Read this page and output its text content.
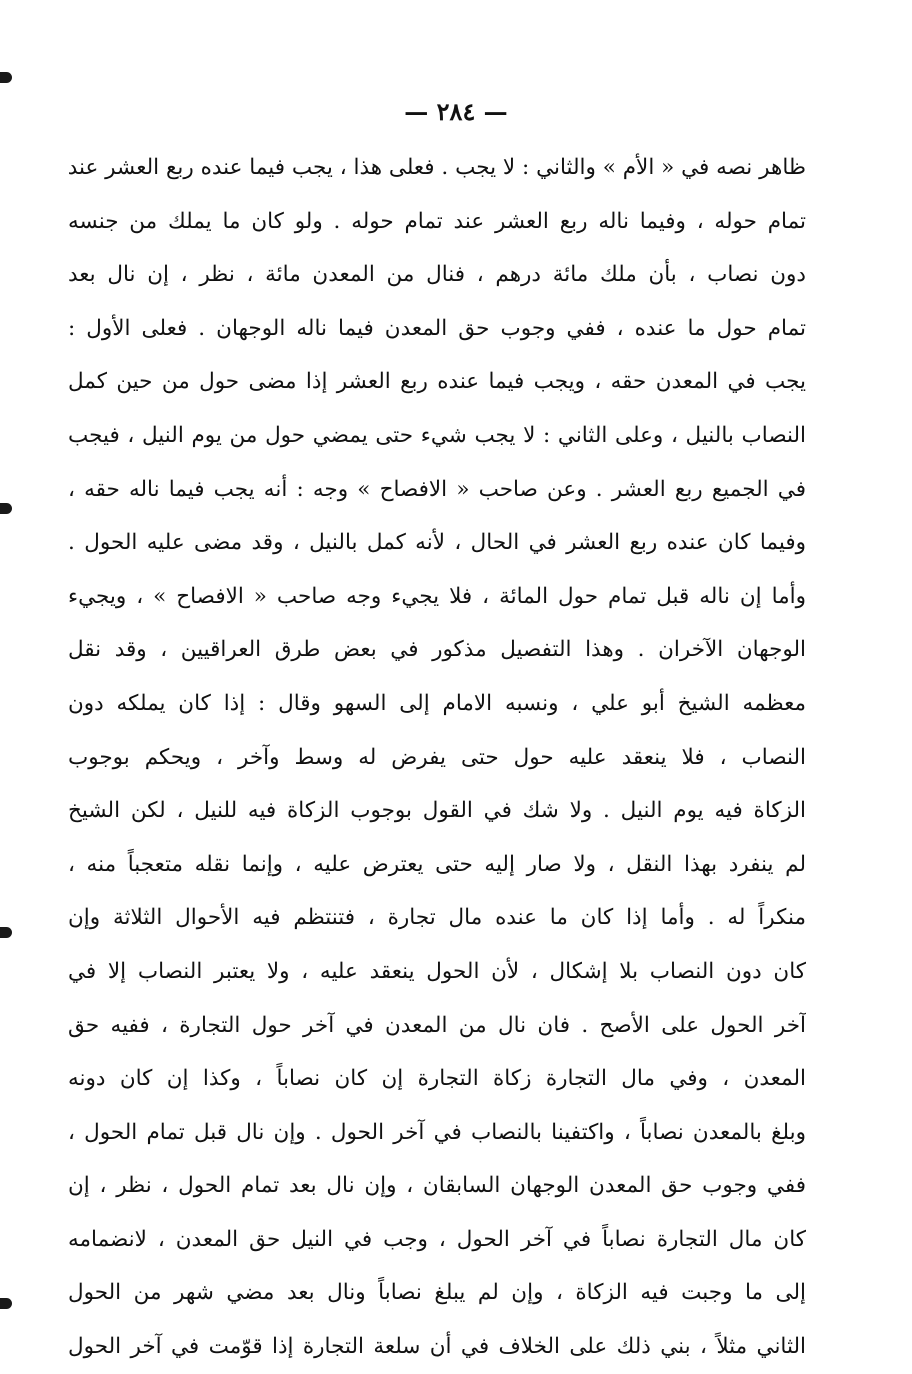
— ٢٨٤ —
ظاهر نصه في « الأم » والثاني : لا يجب . فعلى هذا ، يجب فيما عنده ربع العشر عند
تمام حوله ، وفيما ناله ربع العشر عند تمام حوله . ولو كان ما يملك من جنسه
دون نصاب ، بأن ملك مائة درهم ، فنال من المعدن مائة ، نظر ، إن نال بعد
تمام حول ما عنده ، ففي وجوب حق المعدن فيما ناله الوجهان . فعلى الأول :
يجب في المعدن حقه ، ويجب فيما عنده ربع العشر إذا مضى حول من حين كمل
النصاب بالنيل ، وعلى الثاني : لا يجب شيء حتى يمضي حول من يوم النيل ، فيجب
في الجميع ربع العشر . وعن صاحب « الافصاح » وجه : أنه يجب فيما ناله حقه ،
وفيما كان عنده ربع العشر في الحال ، لأنه كمل بالنيل ، وقد مضى عليه الحول .
وأما إن ناله قبل تمام حول المائة ، فلا يجيء وجه صاحب « الافصاح » ، ويجيء
الوجهان الآخران . وهذا التفصيل مذكور في بعض طرق العراقيين ، وقد نقل
معظمه الشيخ أبو علي ، ونسبه الامام إلى السهو وقال : إذا كان يملكه دون
النصاب ، فلا ينعقد عليه حول حتى يفرض له وسط وآخر ، ويحكم بوجوب
الزكاة فيه يوم النيل . ولا شك في القول بوجوب الزكاة فيه للنيل ، لكن الشيخ
لم ينفرد بهذا النقل ، ولا صار إليه حتى يعترض عليه ، وإنما نقله متعجباً منه ،
منكراً له . وأما إذا كان ما عنده مال تجارة ، فتنتظم فيه الأحوال الثلاثة وإن
كان دون النصاب بلا إشكال ، لأن الحول ينعقد عليه ، ولا يعتبر النصاب إلا في
آخر الحول على الأصح . فان نال من المعدن في آخر حول التجارة ، ففيه حق
المعدن ، وفي مال التجارة زكاة التجارة إن كان نصاباً ، وكذا إن كان دونه
وبلغ بالمعدن نصاباً ، واكتفينا بالنصاب في آخر الحول . وإن نال قبل تمام الحول ،
ففي وجوب حق المعدن الوجهان السابقان ، وإن نال بعد تمام الحول ، نظر ، إن
كان مال التجارة نصاباً في آخر الحول ، وجب في النيل حق المعدن ، لانضمامه
إلى ما وجبت فيه الزكاة ، وإن لم يبلغ نصاباً ونال بعد مضي شهر من الحول
الثاني مثلاً ، بني ذلك على الخلاف في أن سلعة التجارة إذا قوّمت في آخر الحول
